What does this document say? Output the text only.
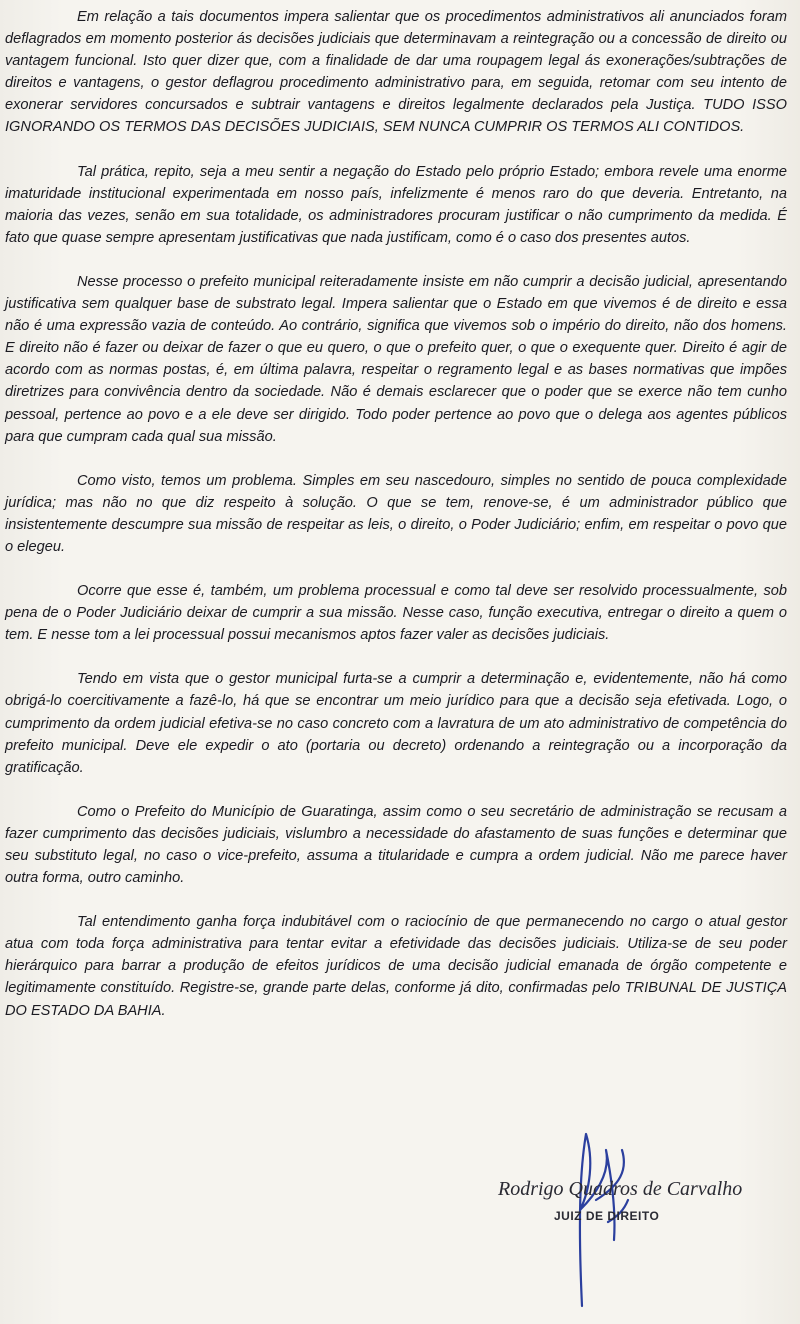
Em relação a tais documentos impera salientar que os procedimentos administrativos ali anunciados foram deflagrados em momento posterior ás decisões judiciais que determinavam a reintegração ou a concessão de direito ou vantagem funcional. Isto quer dizer que, com a finalidade de dar uma roupagem legal ás exonerações/subtrações de direitos e vantagens, o gestor deflagrou procedimento administrativo para, em seguida, retomar com seu intento de exonerar servidores concursados e subtrair vantagens e direitos legalmente declarados pela Justiça. TUDO ISSO IGNORANDO OS TERMOS DAS DECISÕES JUDICIAIS, SEM NUNCA CUMPRIR OS TERMOS ALI CONTIDOS.

Tal prática, repito, seja a meu sentir a negação do Estado pelo próprio Estado; embora revele uma enorme imaturidade institucional experimentada em nosso país, infelizmente é menos raro do que deveria. Entretanto, na maioria das vezes, senão em sua totalidade, os administradores procuram justificar o não cumprimento da medida. É fato que quase sempre apresentam justificativas que nada justificam, como é o caso dos presentes autos.

Nesse processo o prefeito municipal reiteradamente insiste em não cumprir a decisão judicial, apresentando justificativa sem qualquer base de substrato legal. Impera salientar que o Estado em que vivemos é de direito e essa não é uma expressão vazia de conteúdo. Ao contrário, significa que vivemos sob o império do direito, não dos homens. E direito não é fazer ou deixar de fazer o que eu quero, o que o prefeito quer, o que o exequente quer. Direito é agir de acordo com as normas postas, é, em última palavra, respeitar o regramento legal e as bases normativas que impões diretrizes para convivência dentro da sociedade. Não é demais esclarecer que o poder que se exerce não tem cunho pessoal, pertence ao povo e a ele deve ser dirigido. Todo poder pertence ao povo que o delega aos agentes públicos para que cumpram cada qual sua missão.

Como visto, temos um problema. Simples em seu nascedouro, simples no sentido de pouca complexidade jurídica; mas não no que diz respeito à solução. O que se tem, renove-se, é um administrador público que insistentemente descumpre sua missão de respeitar as leis, o direito, o Poder Judiciário; enfim, em respeitar o povo que o elegeu.

Ocorre que esse é, também, um problema processual e como tal deve ser resolvido processualmente, sob pena de o Poder Judiciário deixar de cumprir a sua missão. Nesse caso, função executiva, entregar o direito a quem o tem. E nesse tom a lei processual possui mecanismos aptos fazer valer as decisões judiciais.

Tendo em vista que o gestor municipal furta-se a cumprir a determinação e, evidentemente, não há como obrigá-lo coercitivamente a fazê-lo, há que se encontrar um meio jurídico para que a decisão seja efetivada. Logo, o cumprimento da ordem judicial efetiva-se no caso concreto com a lavratura de um ato administrativo de competência do prefeito municipal. Deve ele expedir o ato (portaria ou decreto) ordenando a reintegração ou a incorporação da gratificação.

Como o Prefeito do Município de Guaratinga, assim como o seu secretário de administração se recusam a fazer cumprimento das decisões judiciais, vislumbro a necessidade do afastamento de suas funções e determinar que seu substituto legal, no caso o vice-prefeito, assuma a titularidade e cumpra a ordem judicial. Não me parece haver outra forma, outro caminho.

Tal entendimento ganha força indubitável com o raciocínio de que permanecendo no cargo o atual gestor atua com toda força administrativa para tentar evitar a efetividade das decisões judiciais. Utiliza-se de seu poder hierárquico para barrar a produção de efeitos jurídicos de uma decisão judicial emanada de órgão competente e legitimamente constituído. Registre-se, grande parte delas, conforme já dito, confirmadas pelo TRIBUNAL DE JUSTIÇA DO ESTADO DA BAHIA.

Rodrigo Quadros de Carvalho
JUIZ DE DIREITO
